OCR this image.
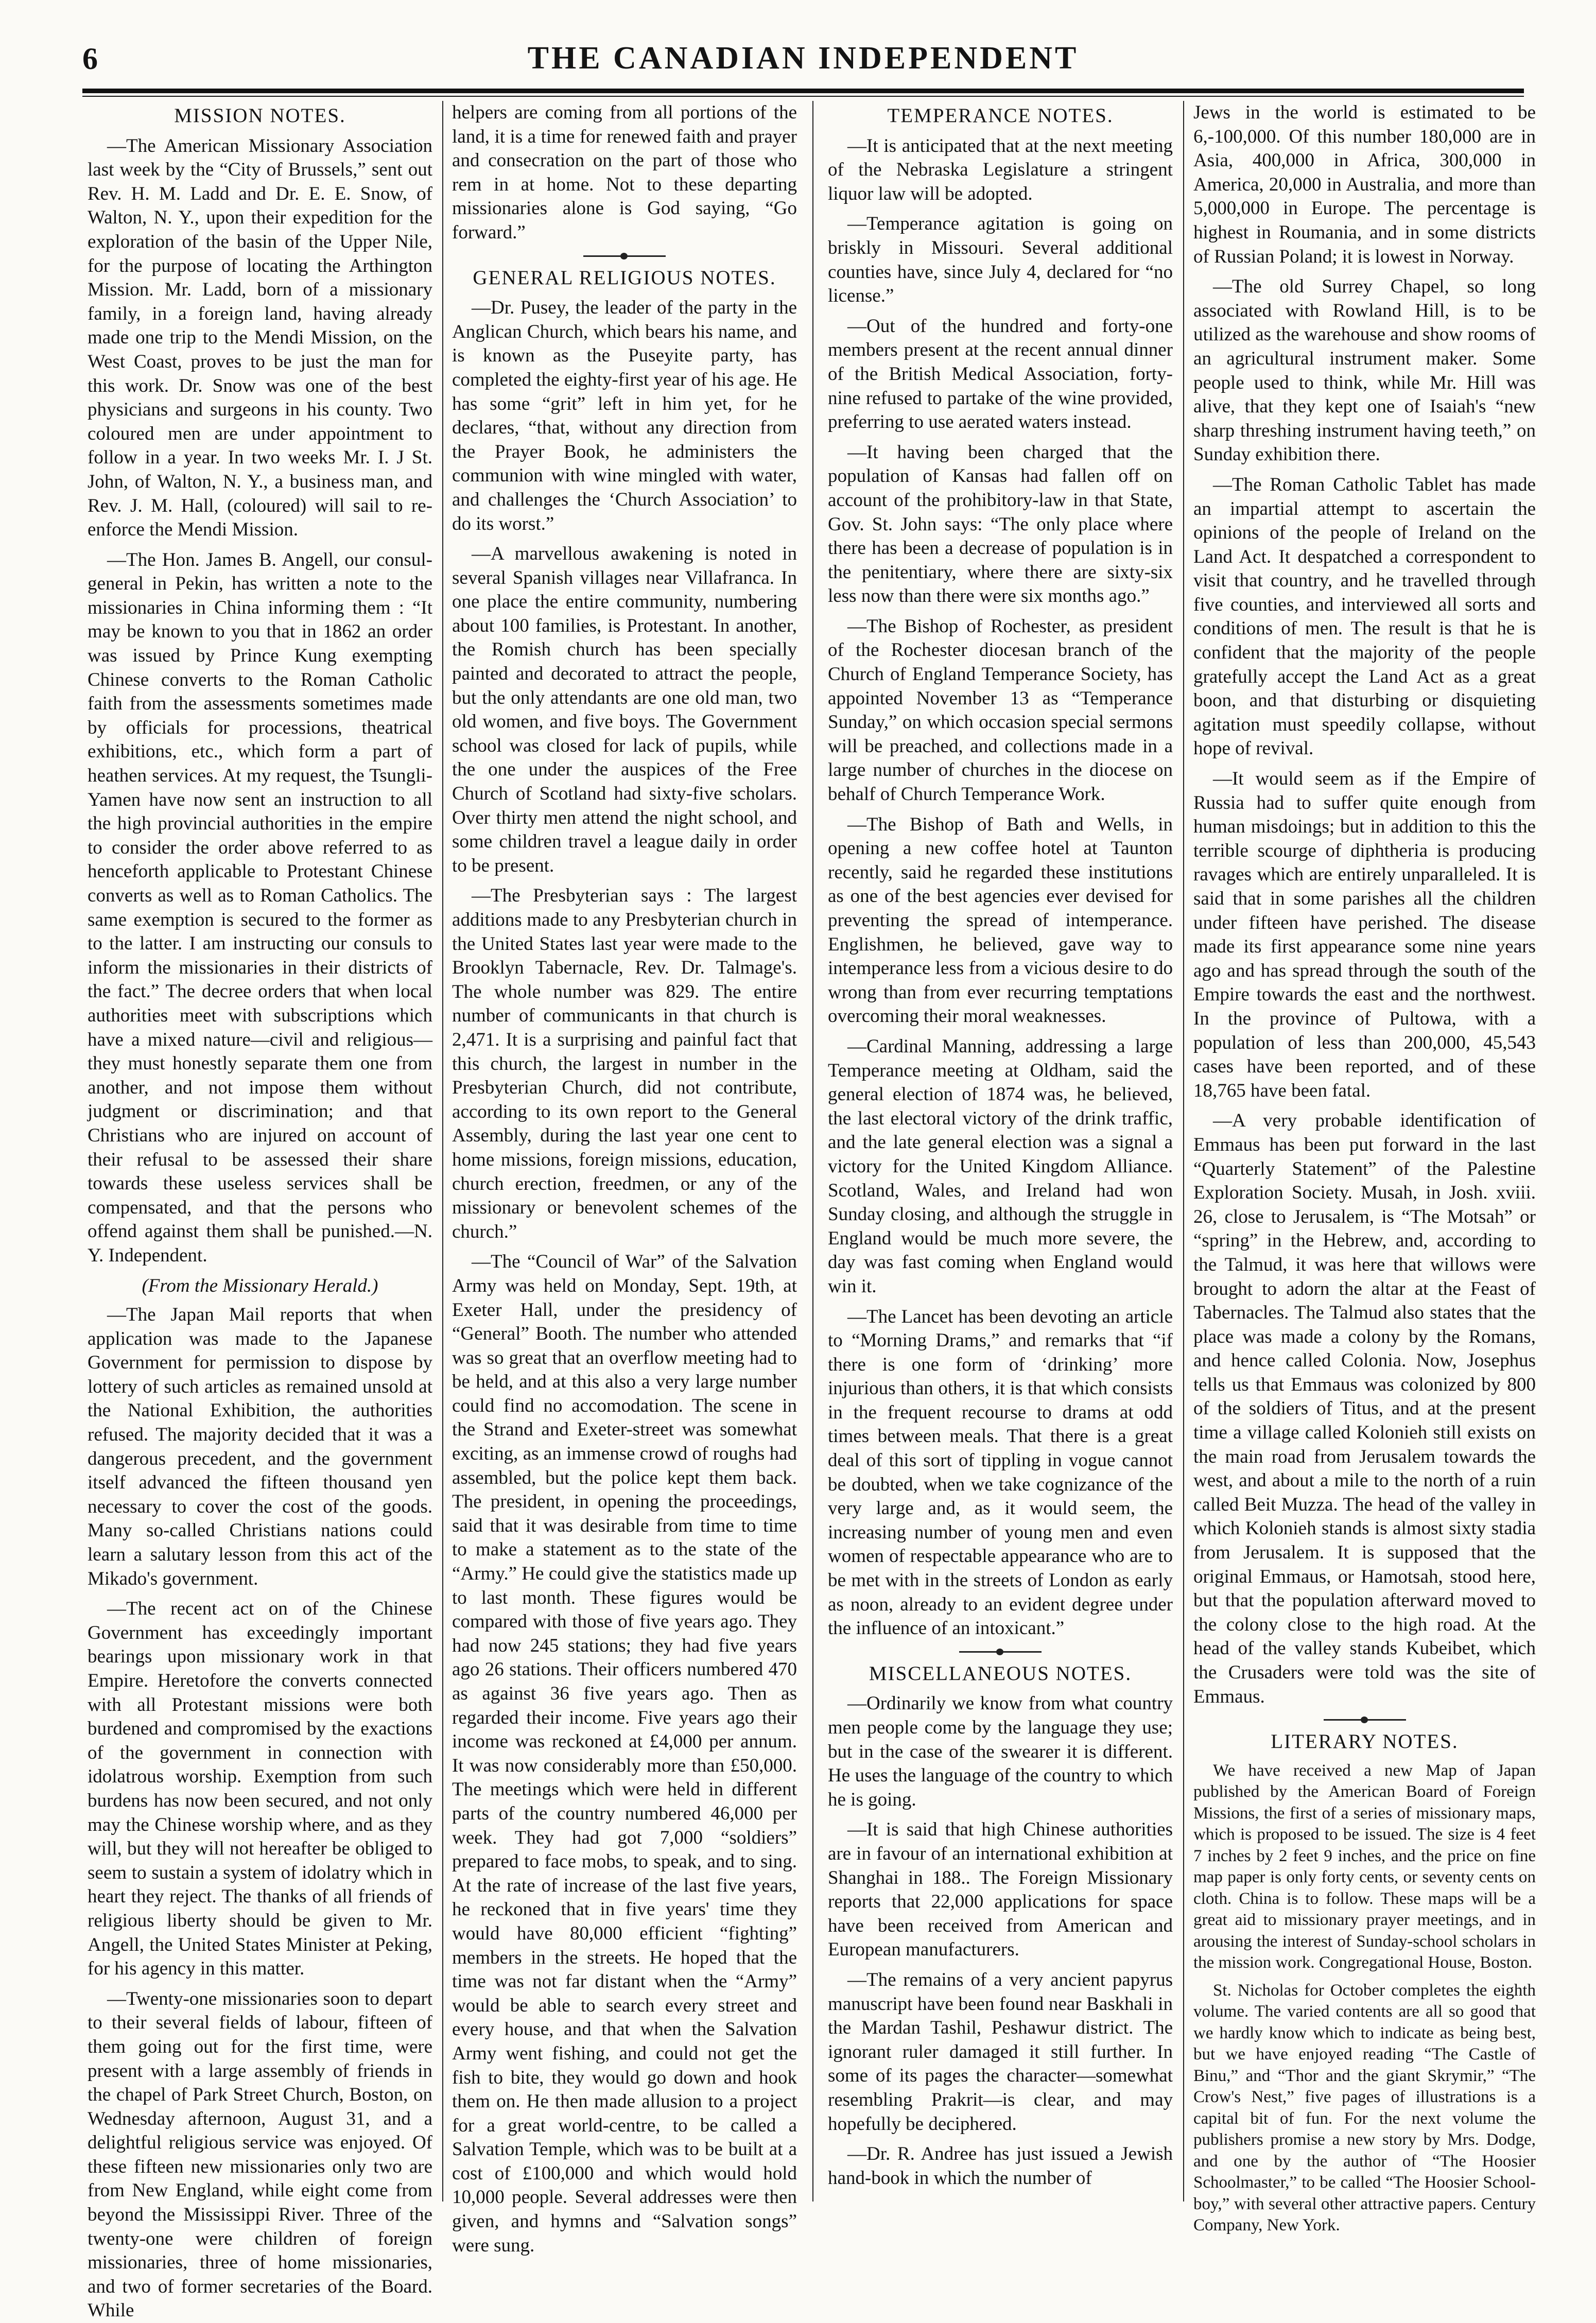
6	THE CANADIAN INDEPENDENT
MISSION NOTES.

—The American Missionary Association last week by the “City of Brussels,” sent out Rev. H. M. Ladd and Dr. E. E. Snow, of Walton, N. Y., upon their expedition for the exploration of the basin of the Upper Nile, for the purpose of locating the Arthington Mission. Mr. Ladd, born of a missionary family, in a foreign land, having already made one trip to the Mendi Mission, on the West Coast, proves to be just the man for this work. Dr. Snow was one of the best physicians and surgeons in his county. Two coloured men are under appointment to follow in a year. In two weeks Mr. I. J St. John, of Walton, N. Y., a business man, and Rev. J. M. Hall, (coloured) will sail to re-enforce the Mendi Mission.

—The Hon. James B. Angell, our consul-general in Pekin, has written a note to the missionaries in China informing them : “It may be known to you that in 1862 an order was issued by Prince Kung exempting Chinese converts to the Roman Catholic faith from the assessments sometimes made by officials for processions, theatrical exhibitions, etc., which form a part of heathen services. At my request, the Tsungli-Yamen have now sent an instruction to all the high provincial authorities in the empire to consider the order above referred to as henceforth applicable to Protestant Chinese converts as well as to Roman Catholics. The same exemption is secured to the former as to the latter. I am instructing our consuls to inform the missionaries in their districts of the fact.” The decree orders that when local authorities meet with subscriptions which have a mixed nature—civil and religious—they must honestly separate them one from another, and not impose them without judgment or discrimination; and that Christians who are injured on account of their refusal to be assessed their share towards these useless services shall be compensated, and that the persons who offend against them shall be punished.—N. Y. Independent.

(From the Missionary Herald.)

—The Japan Mail reports that when application was made to the Japanese Government for permission to dispose by lottery of such articles as remained unsold at the National Exhibition, the authorities refused. The majority decided that it was a dangerous precedent, and the government itself advanced the fifteen thousand yen necessary to cover the cost of the goods. Many so-called Christians nations could learn a salutary lesson from this act of the Mikado's government.

—The recent act on of the Chinese Government has exceedingly important bearings upon missionary work in that Empire. Heretofore the converts connected with all Protestant missions were both burdened and compromised by the exactions of the government in connection with idolatrous worship. Exemption from such burdens has now been secured, and not only may the Chinese worship where, and as they will, but they will not hereafter be obliged to seem to sustain a system of idolatry which in heart they reject. The thanks of all friends of religious liberty should be given to Mr. Angell, the United States Minister at Peking, for his agency in this matter.

—Twenty-one missionaries soon to depart to their several fields of labour, fifteen of them going out for the first time, were present with a large assembly of friends in the chapel of Park Street Church, Boston, on Wednesday afternoon, August 31, and a delightful religious service was enjoyed. Of these fifteen new missionaries only two are from New England, while eight come from beyond the Mississippi River. Three of the twenty-one were children of foreign missionaries, three of home missionaries, and two of former secretaries of the Board. While

helpers are coming from all portions of the land, it is a time for renewed faith and prayer and consecration on the part of those who rem in at home. Not to these departing missionaries alone is God saying, “Go forward.”

GENERAL RELIGIOUS NOTES.

—Dr. Pusey, the leader of the party in the Anglican Church, which bears his name, and is known as the Puseyite party, has completed the eighty-first year of his age. He has some “grit” left in him yet, for he declares, “that, without any direction from the Prayer Book, he administers the communion with wine mingled with water, and challenges the ‘Church Association’ to do its worst.”

—A marvellous awakening is noted in several Spanish villages near Villafranca. In one place the entire community, numbering about 100 families, is Protestant. In another, the Romish church has been specially painted and decorated to attract the people, but the only attendants are one old man, two old women, and five boys. The Government school was closed for lack of pupils, while the one under the auspices of the Free Church of Scotland had sixty-five scholars. Over thirty men attend the night school, and some children travel a league daily in order to be present.

—The Presbyterian says : The largest additions made to any Presbyterian church in the United States last year were made to the Brooklyn Tabernacle, Rev. Dr. Talmage's. The whole number was 829. The entire number of communicants in that church is 2,471. It is a surprising and painful fact that this church, the largest in number in the Presbyterian Church, did not contribute, according to its own report to the General Assembly, during the last year one cent to home missions, foreign missions, education, church erection, freedmen, or any of the missionary or benevolent schemes of the church.”

—The “Council of War” of the Salvation Army was held on Monday, Sept. 19th, at Exeter Hall, under the presidency of “General” Booth. The number who attended was so great that an overflow meeting had to be held, and at this also a very large number could find no accomodation. The scene in the Strand and Exeter-street was somewhat exciting, as an immense crowd of roughs had assembled, but the police kept them back. The president, in opening the proceedings, said that it was desirable from time to time to make a statement as to the state of the “Army.” He could give the statistics made up to last month. These figures would be compared with those of five years ago. They had now 245 stations; they had five years ago 26 stations. Their officers numbered 470 as against 36 five years ago. Then as regarded their income. Five years ago their income was reckoned at £4,000 per annum. It was now considerably more than £50,000. The meetings which were held in different parts of the country numbered 46,000 per week. They had got 7,000 “soldiers” prepared to face mobs, to speak, and to sing. At the rate of increase of the last five years, he reckoned that in five years' time they would have 80,000 efficient “fighting” members in the streets. He hoped that the time was not far distant when the “Army” would be able to search every street and every house, and that when the Salvation Army went fishing, and could not get the fish to bite, they would go down and hook them on. He then made allusion to a project for a great world-centre, to be called a Salvation Temple, which was to be built at a cost of £100,000 and which would hold 10,000 people. Several addresses were then given, and hymns and “Salvation songs” were sung.

TEMPERANCE NOTES.

—It is anticipated that at the next meeting of the Nebraska Legislature a stringent liquor law will be adopted.

—Temperance agitation is going on briskly in Missouri. Several additional counties have, since July 4, declared for “no license.”

—Out of the hundred and forty-one members present at the recent annual dinner of the British Medical Association, forty-nine refused to partake of the wine provided, preferring to use aerated waters instead.

—It having been charged that the population of Kansas had fallen off on account of the prohibitory-law in that State, Gov. St. John says: “The only place where there has been a decrease of population is in the penitentiary, where there are sixty-six less now than there were six months ago.”

—The Bishop of Rochester, as president of the Rochester diocesan branch of the Church of England Temperance Society, has appointed November 13 as “Temperance Sunday,” on which occasion special sermons will be preached, and collections made in a large number of churches in the diocese on behalf of Church Temperance Work.

—The Bishop of Bath and Wells, in opening a new coffee hotel at Taunton recently, said he regarded these institutions as one of the best agencies ever devised for preventing the spread of intemperance. Englishmen, he believed, gave way to intemperance less from a vicious desire to do wrong than from ever recurring temptations overcoming their moral weaknesses.

—Cardinal Manning, addressing a large Temperance meeting at Oldham, said the general election of 1874 was, he believed, the last electoral victory of the drink traffic, and the late general election was a signal a victory for the United Kingdom Alliance. Scotland, Wales, and Ireland had won Sunday closing, and although the struggle in England would be much more severe, the day was fast coming when England would win it.

—The Lancet has been devoting an article to “Morning Drams,” and remarks that “if there is one form of ‘drinking’ more injurious than others, it is that which consists in the frequent recourse to drams at odd times between meals. That there is a great deal of this sort of tippling in vogue cannot be doubted, when we take cognizance of the very large and, as it would seem, the increasing number of young men and even women of respectable appearance who are to be met with in the streets of London as early as noon, already to an evident degree under the influence of an intoxicant.”

MISCELLANEOUS NOTES.

—Ordinarily we know from what country men people come by the language they use; but in the case of the swearer it is different. He uses the language of the country to which he is going.

—It is said that high Chinese authorities are in favour of an international exhibition at Shanghai in 188.. The Foreign Missionary reports that 22,000 applications for space have been received from American and European manufacturers.

—The remains of a very ancient papyrus manuscript have been found near Baskhali in the Mardan Tashil, Peshawur district. The ignorant ruler damaged it still further. In some of its pages the character—somewhat resembling Prakrit—is clear, and may hopefully be deciphered.

—Dr. R. Andree has just issued a Jewish hand-book in which the number of

Jews in the world is estimated to be 6,-100,000. Of this number 180,000 are in Asia, 400,000 in Africa, 300,000 in America, 20,000 in Australia, and more than 5,000,000 in Europe. The percentage is highest in Roumania, and in some districts of Russian Poland; it is lowest in Norway.

—The old Surrey Chapel, so long associated with Rowland Hill, is to be utilized as the warehouse and show rooms of an agricultural instrument maker. Some people used to think, while Mr. Hill was alive, that they kept one of Isaiah's “new sharp threshing instrument having teeth,” on Sunday exhibition there.

—The Roman Catholic Tablet has made an impartial attempt to ascertain the opinions of the people of Ireland on the Land Act. It despatched a correspondent to visit that country, and he travelled through five counties, and interviewed all sorts and conditions of men. The result is that he is confident that the majority of the people gratefully accept the Land Act as a great boon, and that disturbing or disquieting agitation must speedily collapse, without hope of revival.

—It would seem as if the Empire of Russia had to suffer quite enough from human misdoings; but in addition to this the terrible scourge of diphtheria is producing ravages which are entirely unparalleled. It is said that in some parishes all the children under fifteen have perished. The disease made its first appearance some nine years ago and has spread through the south of the Empire towards the east and the northwest. In the province of Pultowa, with a population of less than 200,000, 45,543 cases have been reported, and of these 18,765 have been fatal.

—A very probable identification of Emmaus has been put forward in the last “Quarterly Statement” of the Palestine Exploration Society. Musah, in Josh. xviii. 26, close to Jerusalem, is “The Motsah” or “spring” in the Hebrew, and, according to the Talmud, it was here that willows were brought to adorn the altar at the Feast of Tabernacles. The Talmud also states that the place was made a colony by the Romans, and hence called Colonia. Now, Josephus tells us that Emmaus was colonized by 800 of the soldiers of Titus, and at the present time a village called Kolonieh still exists on the main road from Jerusalem towards the west, and about a mile to the north of a ruin called Beit Muzza. The head of the valley in which Kolonieh stands is almost sixty stadia from Jerusalem. It is supposed that the original Emmaus, or Hamotsah, stood here, but that the population afterward moved to the colony close to the high road. At the head of the valley stands Kubeibet, which the Crusaders were told was the site of Emmaus.

LITERARY NOTES.

We have received a new Map of Japan published by the American Board of Foreign Missions, the first of a series of missionary maps, which is proposed to be issued. The size is 4 feet 7 inches by 2 feet 9 inches, and the price on fine map paper is only forty cents, or seventy cents on cloth. China is to follow. These maps will be a great aid to missionary prayer meetings, and in arousing the interest of Sunday-school scholars in the mission work. Congregational House, Boston.

St. Nicholas for October completes the eighth volume. The varied contents are all so good that we hardly know which to indicate as being best, but we have enjoyed reading “The Castle of Binu,” and “Thor and the giant Skrymir,” “The Crow's Nest,” five pages of illustrations is a capital bit of fun. For the next volume the publishers promise a new story by Mrs. Dodge, and one by the author of “The Hoosier Schoolmaster,” to be called “The Hoosier School-boy,” with several other attractive papers. Century Company, New York.
